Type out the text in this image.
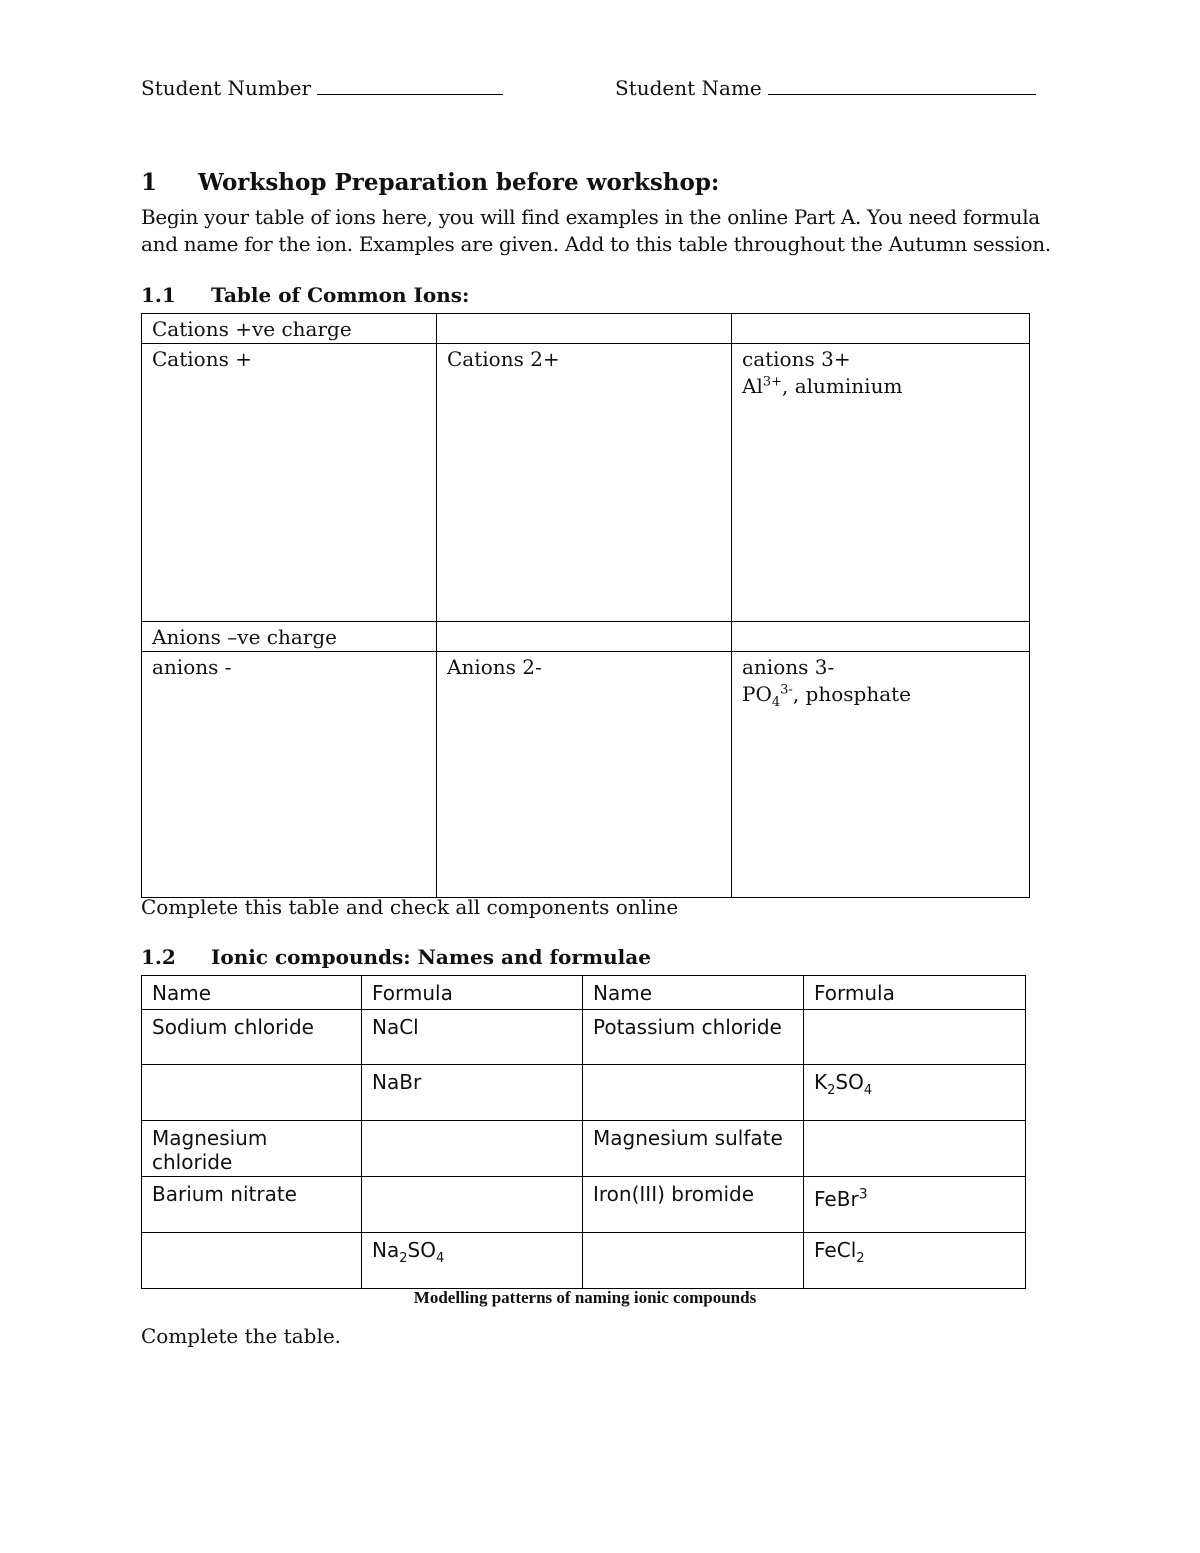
Student Number	Student Name
1 Workshop Preparation before workshop:
Begin your table of ions here, you will find examples in the online Part A. You need formula and name for the ion. Examples are given. Add to this table throughout the Autumn session.
1.1 Table of Common Ions:
Cations +ve charge		
Cations +	Cations 2+	cations 3+
$Al^{3+}$, aluminium

Anions –ve charge		
anions -	Anions 2-	anions 3-
$PO_4^{3-}$, phosphate
Complete this table and check all components online
1.2 Ionic compounds: Names and formulae
Name	Formula	Name	Formula
Sodium chloride	NaCl	Potassium chloride	
	NaBr		$K_2SO_4$
Magnesium chloride		Magnesium sulfate	
Barium nitrate		Iron(III) bromide	FeBr$^3$
	$Na_2SO_4$		FeCl$_2$
Modelling patterns of naming ionic compounds
Complete the table.
